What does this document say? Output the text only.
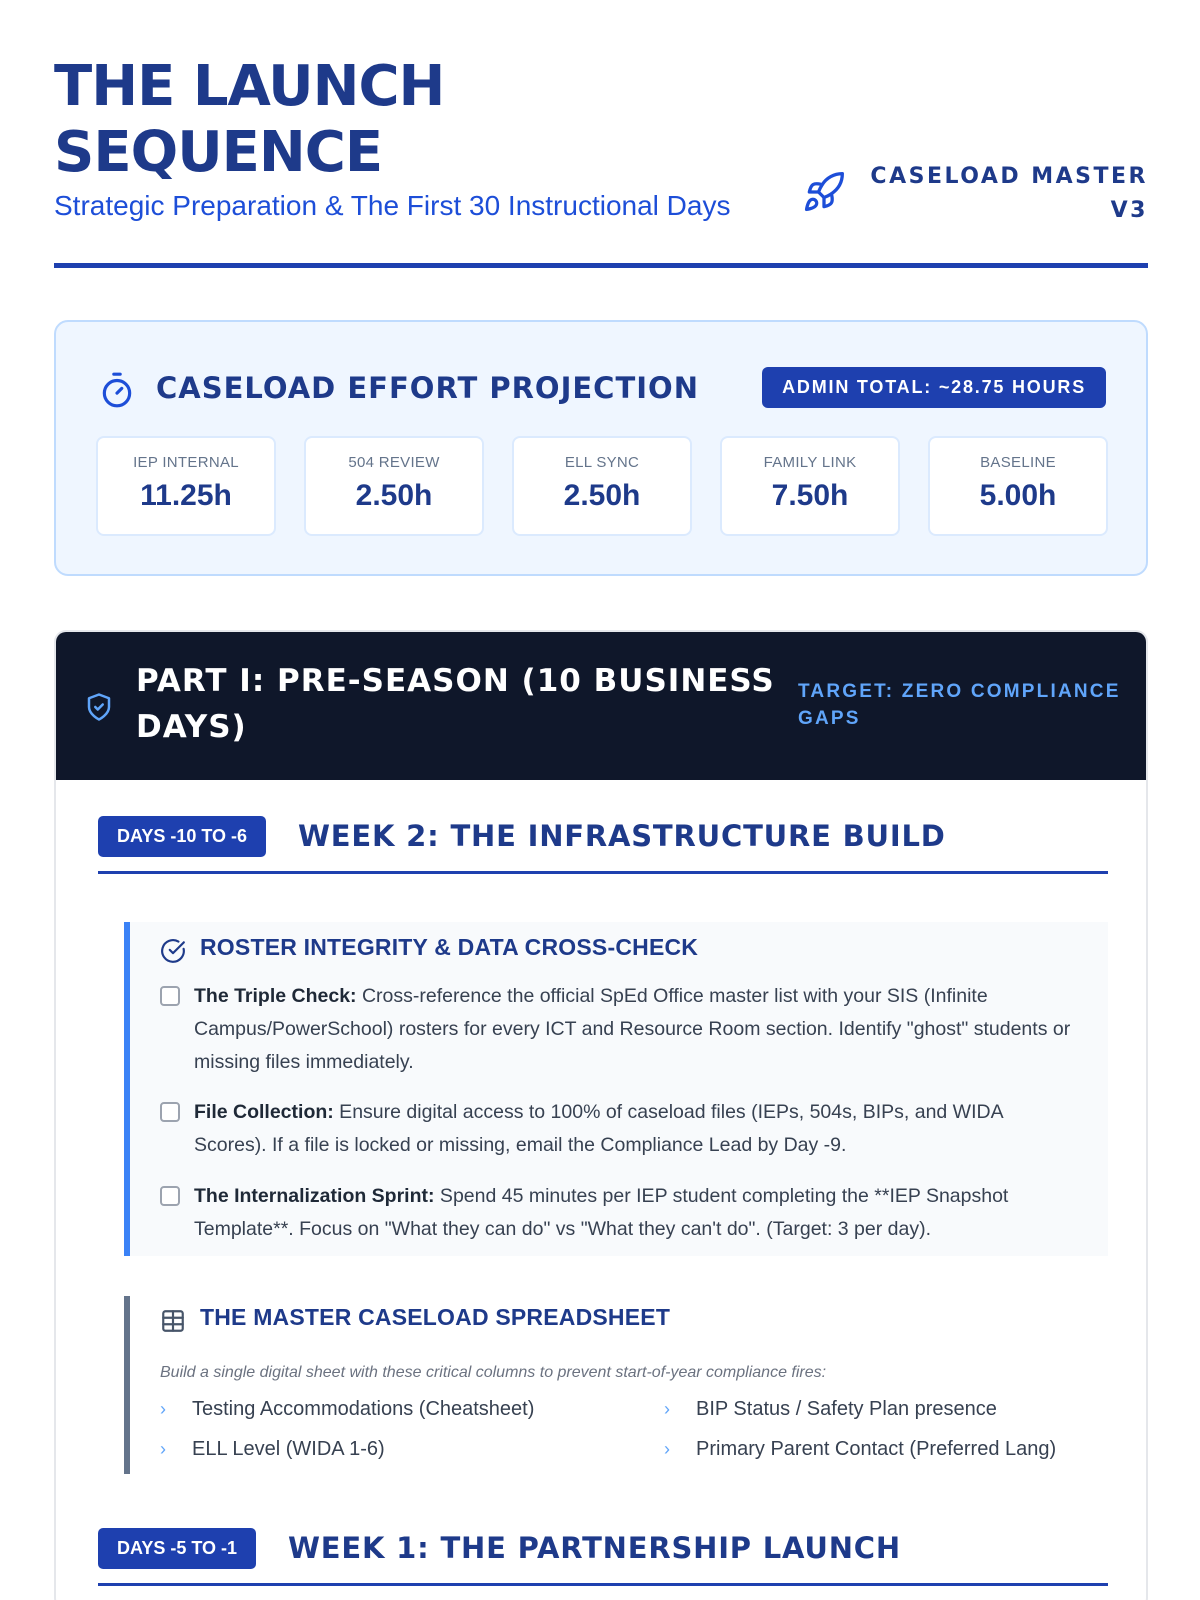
THE LAUNCH
SEQUENCE
Strategic Preparation & The First 30 Instructional Days
CASELOAD MASTER
V3
CASELOAD EFFORT PROJECTION	ADMIN TOTAL: ~28.75 HOURS
IEP INTERNAL
11.25h
504 REVIEW
2.50h
ELL SYNC
2.50h
FAMILY LINK
7.50h
BASELINE
5.00h
PART I: PRE-SEASON (10 BUSINESS DAYS)
TARGET: ZERO COMPLIANCE GAPS
DAYS -10 TO -6	WEEK 2: THE INFRASTRUCTURE BUILD
ROSTER INTEGRITY & DATA CROSS-CHECK
The Triple Check: Cross-reference the official SpEd Office master list with your SIS (Infinite Campus/PowerSchool) rosters for every ICT and Resource Room section. Identify "ghost" students or missing files immediately.
File Collection: Ensure digital access to 100% of caseload files (IEPs, 504s, BIPs, and WIDA Scores). If a file is locked or missing, email the Compliance Lead by Day -9.
The Internalization Sprint: Spend 45 minutes per IEP student completing the **IEP Snapshot Template**. Focus on "What they can do" vs "What they can't do". (Target: 3 per day).
THE MASTER CASELOAD SPREADSHEET
Build a single digital sheet with these critical columns to prevent start-of-year compliance fires:
› Testing Accommodations (Cheatsheet)	› BIP Status / Safety Plan presence
› ELL Level (WIDA 1-6)	› Primary Parent Contact (Preferred Lang)
DAYS -5 TO -1	WEEK 1: THE PARTNERSHIP LAUNCH
